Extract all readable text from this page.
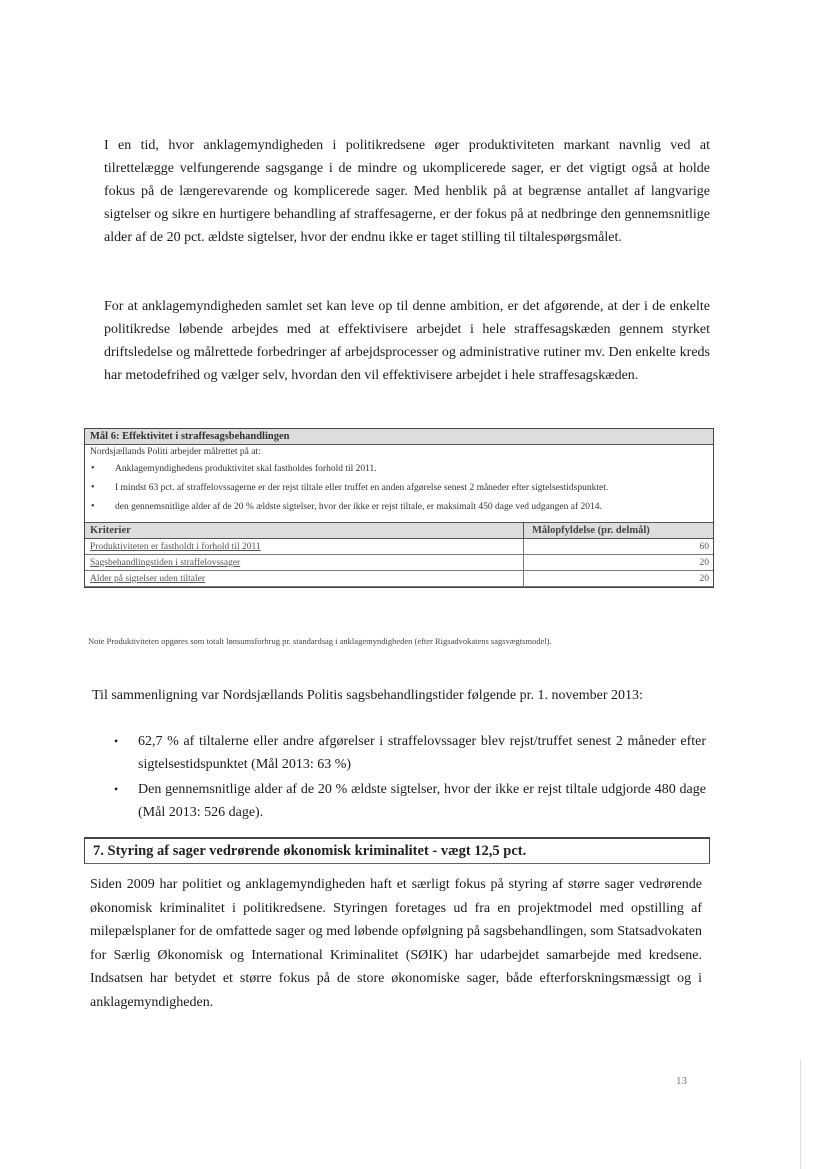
I en tid, hvor anklagemyndigheden i politikredsene øger produktiviteten markant navnlig ved at tilrettelægge velfungerende sagsgange i de mindre og ukomplicerede sager, er det vigtigt også at holde fokus på de længerevarende og komplicerede sager. Med henblik på at begrænse antallet af langvarige sigtelser og sikre en hurtigere behandling af straffesagerne, er der fokus på at nedbringe den gennemsnitlige alder af de 20 pct. ældste sigtelser, hvor der endnu ikke er taget stilling til tiltalespørgsmålet.
For at anklagemyndigheden samlet set kan leve op til denne ambition, er det afgørende, at der i de enkelte politikredse løbende arbejdes med at effektivisere arbejdet i hele straffesagskæden gennem styrket driftsledelse og målrettede forbedringer af arbejdsprocesser og administrative rutiner mv. Den enkelte kreds har metodefrihed og vælger selv, hvordan den vil effektivisere arbejdet i hele straffesagskæden.
Mål 6: Effektivitet i straffesagsbehandlingen
Nordsjællands Politi arbejder målrettet på at:
• Anklagemyndighedens produktivitet skal fastholdes forhold til 2011.
• I mindst 63 pct. af straffelovssagerne er der rejst tiltale eller truffet en anden afgørelse senest 2 måneder efter sigtelsestidspunktet.
• den gennemsnitlige alder af de 20 % ældste sigtelser, hvor der ikke er rejst tiltale, er maksimalt 450 dage ved udgangen af 2014.
Kriterier	Målopfyldelse (pr. delmål)
Produktiviteten er fastholdt i forhold til 2011	60
Sagsbehandlingstiden i straffelovssager	20
Alder på sigtelser uden tiltaler	20
Note Produktiviteten opgøres som totalt lønsumsforbrug pr. standardsag i anklagemyndigheden (efter Rigsadvokatens sagsvægtsmodel).
Til sammenligning var Nordsjællands Politis sagsbehandlingstider følgende pr. 1. november 2013:
• 62,7 % af tiltalerne eller andre afgørelser i straffelovssager blev rejst/truffet senest 2 måneder efter sigtelsestidspunktet (Mål 2013: 63 %)
• Den gennemsnitlige alder af de 20 % ældste sigtelser, hvor der ikke er rejst tiltale udgjorde 480 dage (Mål 2013: 526 dage).
7. Styring af sager vedrørende økonomisk kriminalitet - vægt 12,5 pct.
Siden 2009 har politiet og anklagemyndigheden haft et særligt fokus på styring af større sager vedrørende økonomisk kriminalitet i politikredsene. Styringen foretages ud fra en projektmodel med opstilling af milepælsplaner for de omfattede sager og med løbende opfølgning på sagsbehandlingen, som Statsadvokaten for Særlig Økonomisk og International Kriminalitet (SØIK) har udarbejdet samarbejde med kredsene. Indsatsen har betydet et større fokus på de store økonomiske sager, både efterforskningsmæssigt og i anklagemyndigheden.
13
